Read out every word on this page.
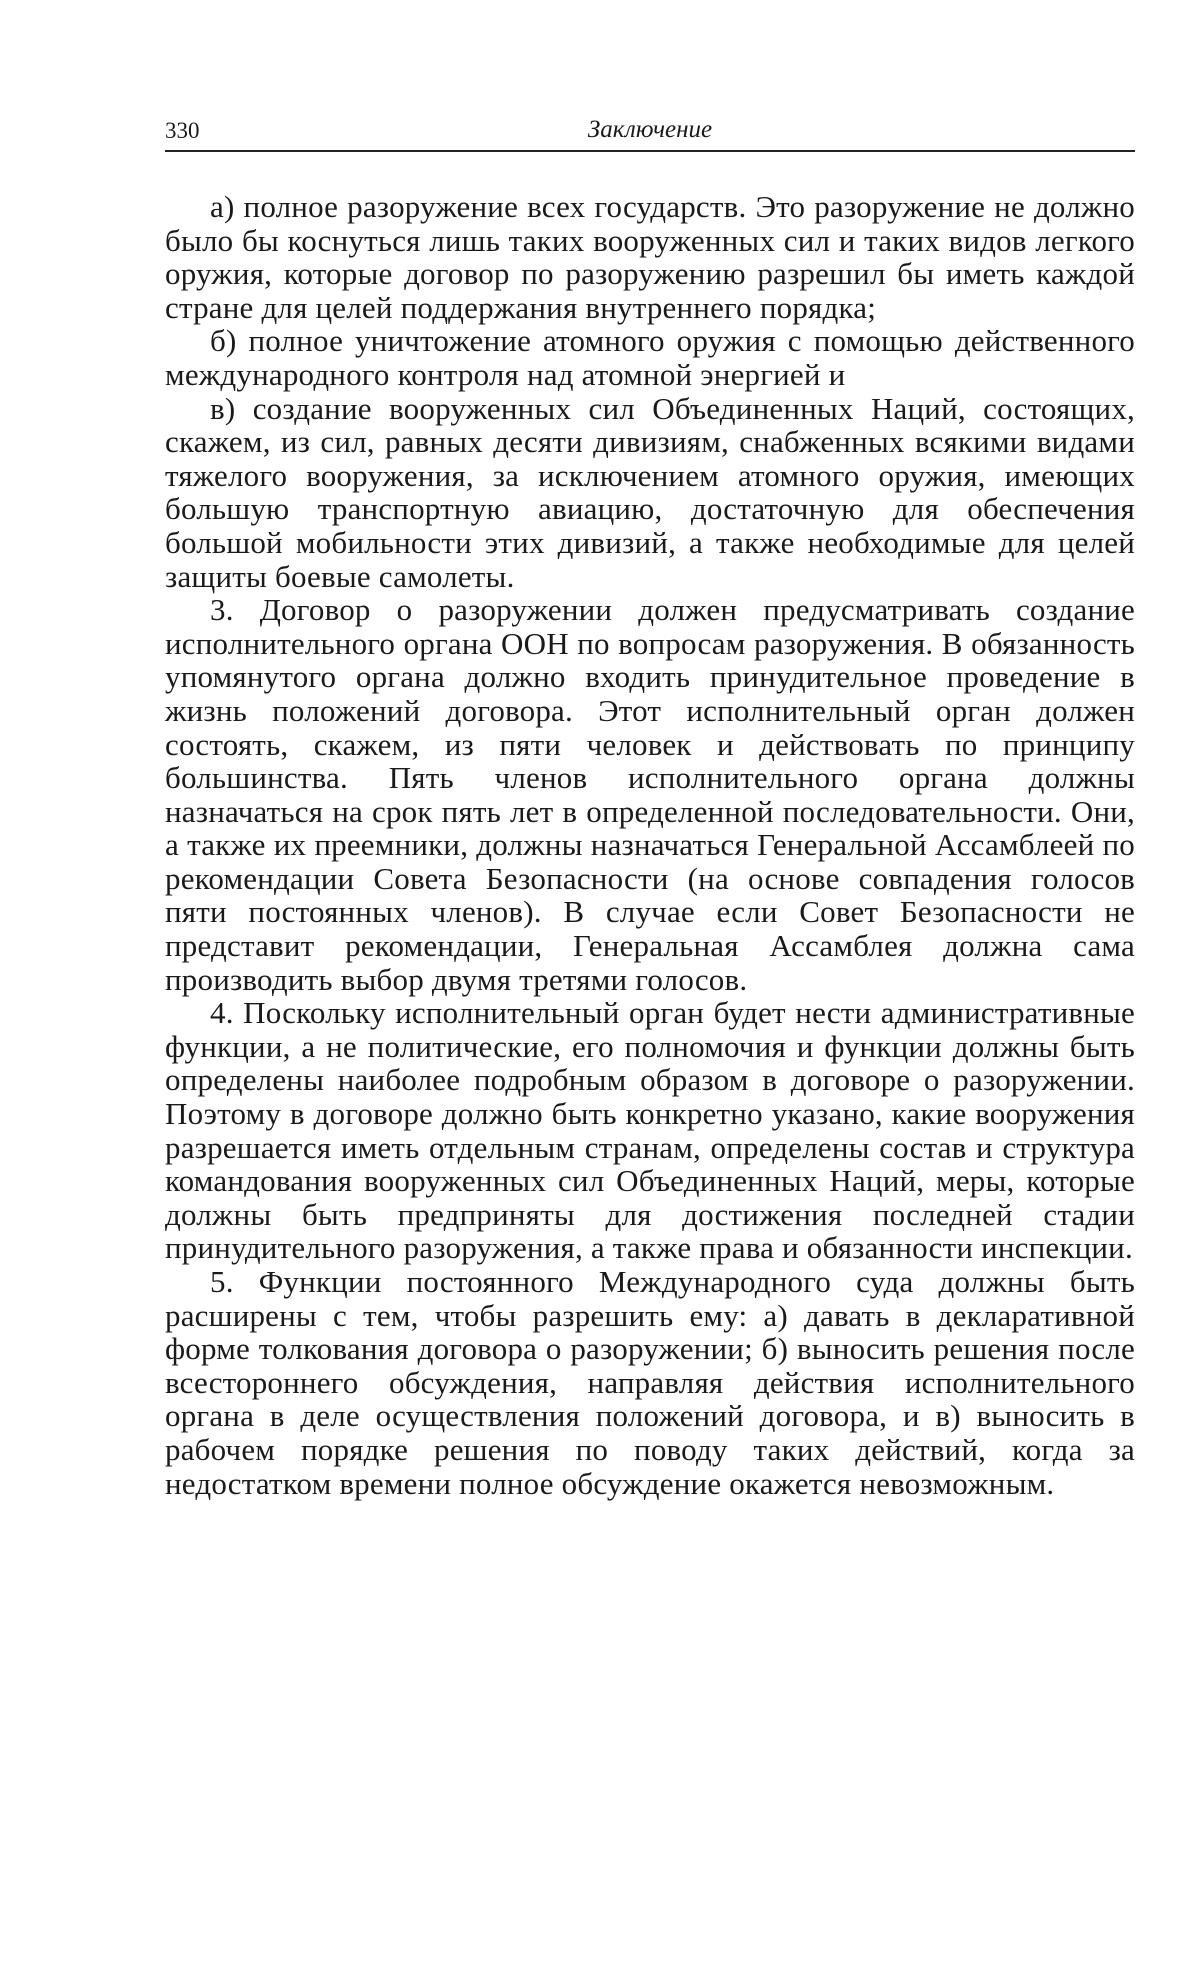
330	Заключение

а) полное разоружение всех государств. Это разоружение не должно было бы коснуться лишь таких вооруженных сил и таких видов легкого оружия, которые договор по разоружению разрешил бы иметь каждой стране для целей поддержания внутреннего порядка;

б) полное уничтожение атомного оружия с помощью действенного международного контроля над атомной энергией и

в) создание вооруженных сил Объединенных Наций, состоящих, скажем, из сил, равных десяти дивизиям, снабженных всякими видами тяжелого вооружения, за исключением атомного оружия, имеющих большую транспортную авиацию, достаточную для обеспечения большой мобильности этих дивизий, а также необходимые для целей защиты боевые самолеты.

3. Договор о разоружении должен предусматривать создание исполнительного органа ООН по вопросам разоружения. В обязанность упомянутого органа должно входить принудительное проведение в жизнь положений договора. Этот исполнительный орган должен состоять, скажем, из пяти человек и действовать по принципу большинства. Пять членов исполнительного органа должны назначаться на срок пять лет в определенной последовательности. Они, а также их преемники, должны назначаться Генеральной Ассамблеей по рекомендации Совета Безопасности (на основе совпадения голосов пяти постоянных членов). В случае если Совет Безопасности не представит рекомендации, Генеральная Ассамблея должна сама производить выбор двумя третями голосов.

4. Поскольку исполнительный орган будет нести административные функции, а не политические, его полномочия и функции должны быть определены наиболее подробным образом в договоре о разоружении. Поэтому в договоре должно быть конкретно указано, какие вооружения разрешается иметь отдельным странам, определены состав и структура командования вооруженных сил Объединенных Наций, меры, которые должны быть предприняты для достижения последней стадии принудительного разоружения, а также права и обязанности инспекции.

5. Функции постоянного Международного суда должны быть расширены с тем, чтобы разрешить ему: а) давать в декларативной форме толкования договора о разоружении; б) выносить решения после всестороннего обсуждения, направляя действия исполнительного органа в деле осуществления положений договора, и в) выносить в рабочем порядке решения по поводу таких действий, когда за недостатком времени полное обсуждение окажется невозможным.
